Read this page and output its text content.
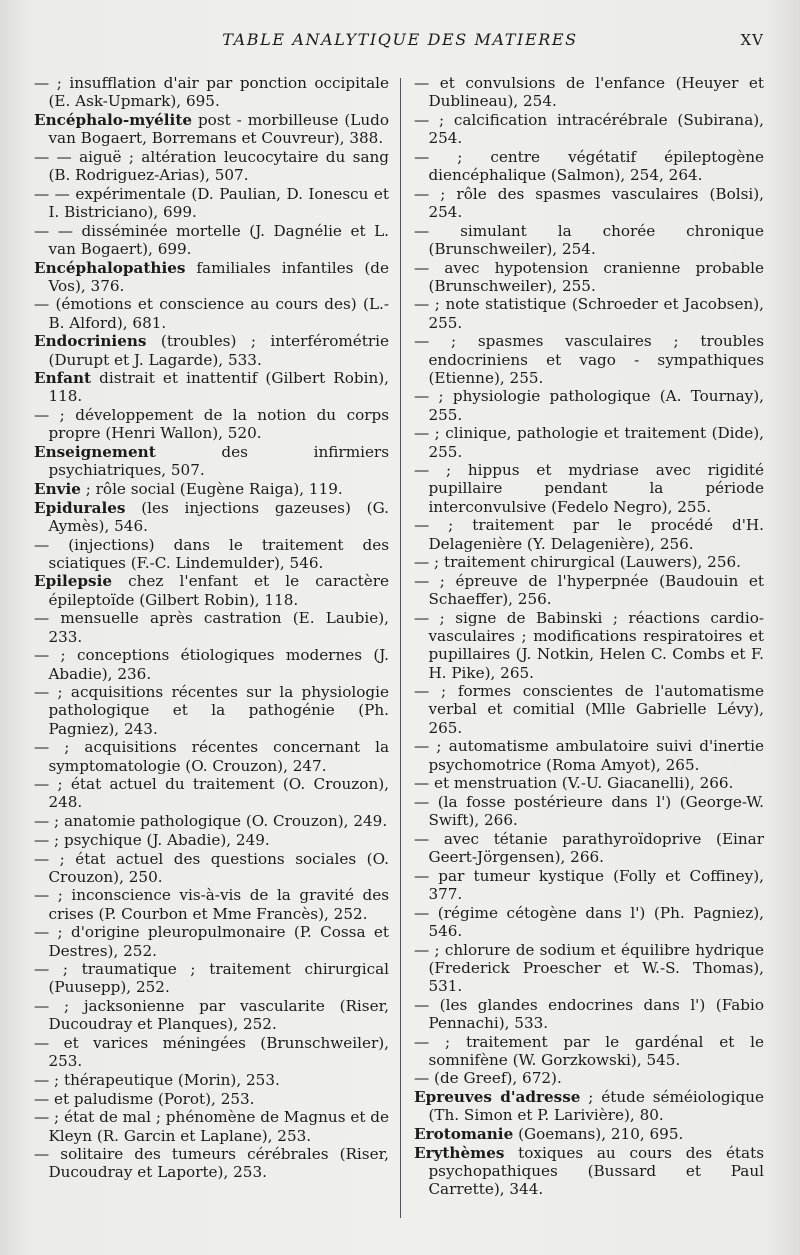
TABLE ANALYTIQUE DES MATIERES	XV
— ; insufflation d'air par ponction occipitale (E. Ask-Upmark), 695.
Encéphalo-myélite post - morbilleuse (Ludo van Bogaert, Borremans et Couvreur), 388.
— — aiguë ; altération leucocytaire du sang (B. Rodriguez-Arias), 507.
— — expérimentale (D. Paulian, D. Ionescu et I. Bistriciano), 699.
— — disséminée mortelle (J. Dagnélie et L. van Bogaert), 699.
Encéphalopathies familiales infantiles (de Vos), 376.
— (émotions et conscience au cours des) (L.-B. Alford), 681.
Endocriniens (troubles) ; interférométrie (Durupt et J. Lagarde), 533.
Enfant distrait et inattentif (Gilbert Robin), 118.
— ; développement de la notion du corps propre (Henri Wallon), 520.
Enseignement des infirmiers psychiatriques, 507.
Envie ; rôle social (Eugène Raiga), 119.
Epidurales (les injections gazeuses) (G. Aymès), 546.
— (injections) dans le traitement des sciatiques (F.-C. Lindemulder), 546.
Epilepsie chez l'enfant et le caractère épileptoïde (Gilbert Robin), 118.
— mensuelle après castration (E. Laubie), 233.
— ; conceptions étiologiques modernes (J. Abadie), 236.
— ; acquisitions récentes sur la physiologie pathologique et la pathogénie (Ph. Pagniez), 243.
— ; acquisitions récentes concernant la symptomatologie (O. Crouzon), 247.
— ; état actuel du traitement (O. Crouzon), 248.
— ; anatomie pathologique (O. Crouzon), 249.
— ; psychique (J. Abadie), 249.
— ; état actuel des questions sociales (O. Crouzon), 250.
— ; inconscience vis-à-vis de la gravité des crises (P. Courbon et Mme Francès), 252.
— ; d'origine pleuropulmonaire (P. Cossa et Destres), 252.
— ; traumatique ; traitement chirurgical (Puusepp), 252.
— ; jacksonienne par vascularite (Riser, Ducoudray et Planques), 252.
— et varices méningées (Brunschweiler), 253.
— ; thérapeutique (Morin), 253.
— et paludisme (Porot), 253.
— ; état de mal ; phénomène de Magnus et de Kleyn (R. Garcin et Laplane), 253.
— solitaire des tumeurs cérébrales (Riser, Ducoudray et Laporte), 253.
— et convulsions de l'enfance (Heuyer et Dublineau), 254.
— ; calcification intracérébrale (Subirana), 254.
— ; centre végétatif épileptogène diencéphalique (Salmon), 254, 264.
— ; rôle des spasmes vasculaires (Bolsi), 254.
— simulant la chorée chronique (Brunschweiler), 254.
— avec hypotension cranienne probable (Brunschweiler), 255.
— ; note statistique (Schroeder et Jacobsen), 255.
— ; spasmes vasculaires ; troubles endocriniens et vago - sympathiques (Etienne), 255.
— ; physiologie pathologique (A. Tournay), 255.
— ; clinique, pathologie et traitement (Dide), 255.
— ; hippus et mydriase avec rigidité pupillaire pendant la période interconvulsive (Fedelo Negro), 255.
— ; traitement par le procédé d'H. Delagenière (Y. Delagenière), 256.
— ; traitement chirurgical (Lauwers), 256.
— ; épreuve de l'hyperpnée (Baudouin et Schaeffer), 256.
— ; signe de Babinski ; réactions cardio-vasculaires ; modifications respiratoires et pupillaires (J. Notkin, Helen C. Combs et F. H. Pike), 265.
— ; formes conscientes de l'automatisme verbal et comitial (Mlle Gabrielle Lévy), 265.
— ; automatisme ambulatoire suivi d'inertie psychomotrice (Roma Amyot), 265.
— et menstruation (V.-U. Giacanelli), 266.
— (la fosse postérieure dans l') (George-W. Swift), 266.
— avec tétanie parathyroïdoprive (Einar Geert-Jörgensen), 266.
— par tumeur kystique (Folly et Coffiney), 377.
— (régime cétogène dans l') (Ph. Pagniez), 546.
— ; chlorure de sodium et équilibre hydrique (Frederick Proescher et W.-S. Thomas), 531.
— (les glandes endocrines dans l') (Fabio Pennachi), 533.
— ; traitement par le gardénal et le somnifène (W. Gorzkowski), 545.
— (de Greef), 672).
Epreuves d'adresse ; étude séméiologique (Th. Simon et P. Larivière), 80.
Erotomanie (Goemans), 210, 695.
Erythèmes toxiques au cours des états psychopathiques (Bussard et Paul Carrette), 344.
